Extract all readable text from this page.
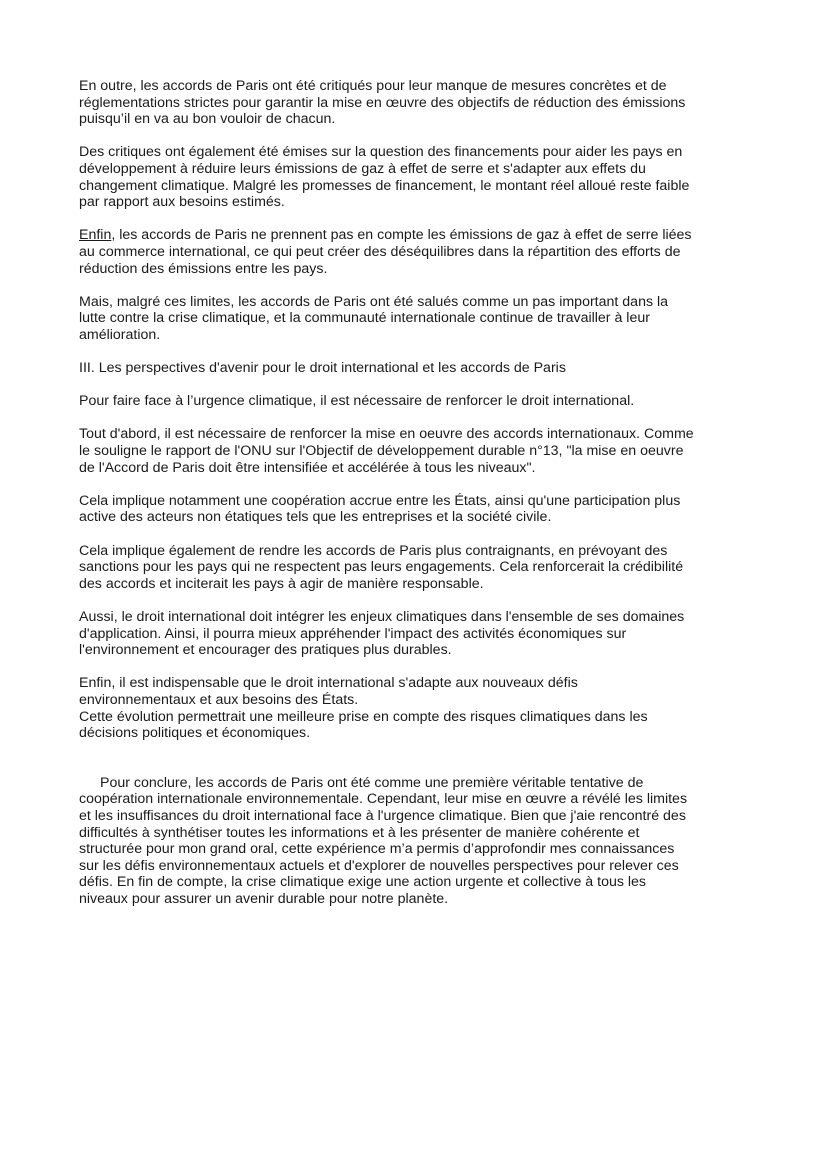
En outre, les accords de Paris ont été critiqués pour leur manque de mesures concrètes et de
réglementations strictes pour garantir la mise en œuvre des objectifs de réduction des émissions
puisqu’il en va au bon vouloir de chacun.

Des critiques ont également été émises sur la question des financements pour aider les pays en
développement à réduire leurs émissions de gaz à effet de serre et s'adapter aux effets du
changement climatique. Malgré les promesses de financement, le montant réel alloué reste faible
par rapport aux besoins estimés.

Enfin, les accords de Paris ne prennent pas en compte les émissions de gaz à effet de serre liées
au commerce international, ce qui peut créer des déséquilibres dans la répartition des efforts de
réduction des émissions entre les pays.

Mais, malgré ces limites, les accords de Paris ont été salués comme un pas important dans la
lutte contre la crise climatique, et la communauté internationale continue de travailler à leur
amélioration.

III. Les perspectives d'avenir pour le droit international et les accords de Paris

Pour faire face à l’urgence climatique, il est nécessaire de renforcer le droit international.

Tout d'abord, il est nécessaire de renforcer la mise en oeuvre des accords internationaux. Comme
le souligne le rapport de l'ONU sur l'Objectif de développement durable n°13, "la mise en oeuvre
de l'Accord de Paris doit être intensifiée et accélérée à tous les niveaux".

Cela implique notamment une coopération accrue entre les États, ainsi qu'une participation plus
active des acteurs non étatiques tels que les entreprises et la société civile.

Cela implique également de rendre les accords de Paris plus contraignants, en prévoyant des
sanctions pour les pays qui ne respectent pas leurs engagements. Cela renforcerait la crédibilité
des accords et inciterait les pays à agir de manière responsable.

Aussi, le droit international doit intégrer les enjeux climatiques dans l'ensemble de ses domaines
d'application. Ainsi, il pourra mieux appréhender l'impact des activités économiques sur
l'environnement et encourager des pratiques plus durables.

Enfin, il est indispensable que le droit international s'adapte aux nouveaux défis
environnementaux et aux besoins des États.
Cette évolution permettrait une meilleure prise en compte des risques climatiques dans les
décisions politiques et économiques.

Pour conclure, les accords de Paris ont été comme une première véritable tentative de
coopération internationale environnementale. Cependant, leur mise en œuvre a révélé les limites
et les insuffisances du droit international face à l'urgence climatique. Bien que j'aie rencontré des
difficultés à synthétiser toutes les informations et à les présenter de manière cohérente et
structurée pour mon grand oral, cette expérience m’a permis d’approfondir mes connaissances
sur les défis environnementaux actuels et d'explorer de nouvelles perspectives pour relever ces
défis. En fin de compte, la crise climatique exige une action urgente et collective à tous les
niveaux pour assurer un avenir durable pour notre planète.
